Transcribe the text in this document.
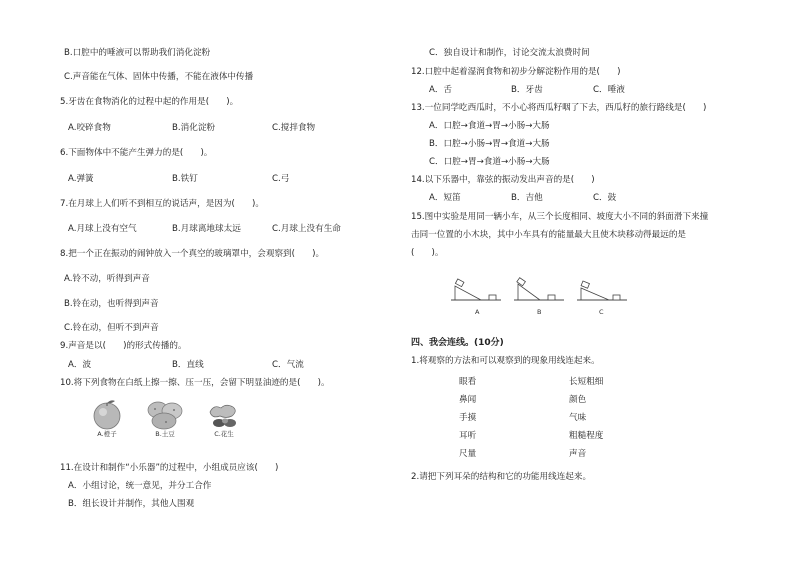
B.口腔中的唾液可以帮助我们消化淀粉
C.声音能在气体、固体中传播，不能在液体中传播
5.牙齿在食物消化的过程中起的作用是(　　)。
A.咬碎食物	B.消化淀粉	C.搅拌食物
6.下面物体中不能产生弹力的是(　　)。
A.弹簧	B.铁钉	C.弓
7.在月球上人们听不到相互的说话声，是因为(　　)。
A.月球上没有空气	B.月球离地球太远	C.月球上没有生命
8.把一个正在振动的闹钟放入一个真空的玻璃罩中，会观察到(　　)。
A.铃不动，听得到声音
B.铃在动，也听得到声音
C.铃在动，但听不到声音
9.声音是以(　　)的形式传播的。
A．波	B．直线	C．气流
10.将下列食物在白纸上擦一擦、压一压，会留下明显油迹的是(　　)。
A.橙子	B.土豆	C.花生
11.在设计和制作“小乐器”的过程中，小组成员应该(　　)
A．小组讨论，统一意见，并分工合作
B．组长设计并制作，其他人围观
C．独自设计和制作，讨论交流太浪费时间
12.口腔中起着湿润食物和初步分解淀粉作用的是(　　)
A．舌	B．牙齿	C．唾液
13.一位同学吃西瓜时，不小心将西瓜籽咽了下去，西瓜籽的旅行路线是(　　)
A．口腔→食道→胃→小肠→大肠
B．口腔→小肠→胃→食道→大肠
C．口腔→胃→食道→小肠→大肠
14.以下乐器中，靠弦的振动发出声音的是(　　)
A．短笛	B．吉他	C．鼓
15.图中实验是用同一辆小车，从三个长度相同、坡度大小不同的斜面滑下来撞
击同一位置的小木块，其中小车具有的能量最大且使木块移动得最远的是
(　　)。
A	B	C
四、我会连线。(10分)
1.将观察的方法和可以观察到的现象用线连起来。
眼看
鼻闻
手摸
耳听
尺量
长短粗细
颜色
气味
粗糙程度
声音
2.请把下列耳朵的结构和它的功能用线连起来。
